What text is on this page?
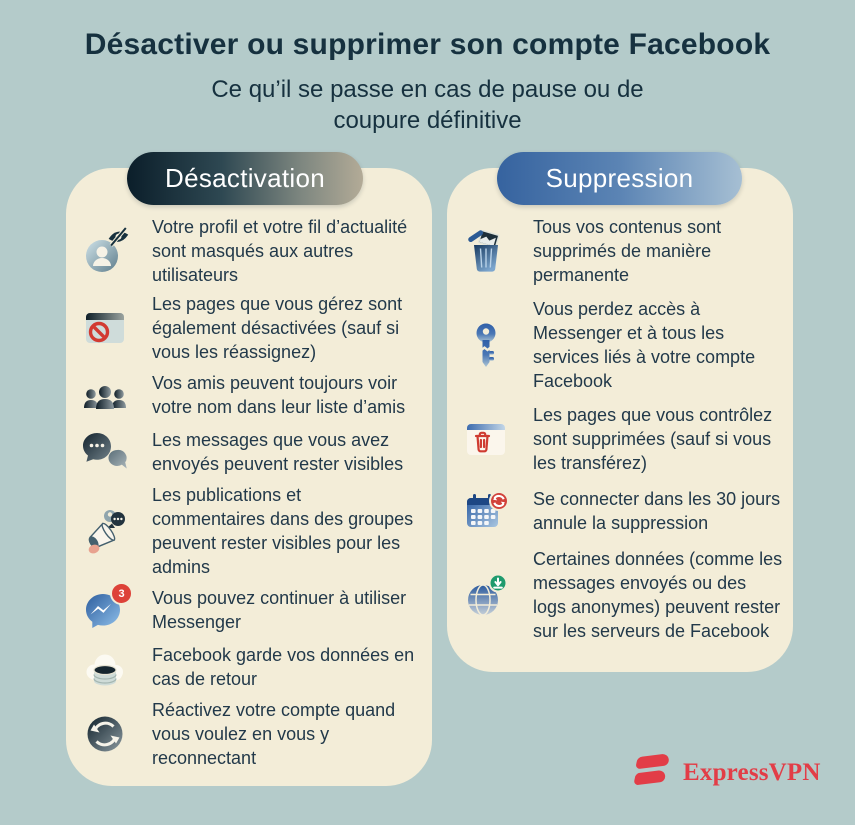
Désactiver ou supprimer son compte Facebook
Ce qu’il se passe en cas de pause ou de coupure définitive
Désactivation	Suppression

Votre profil et votre fil d’actualité sont masqués aux autres utilisateurs

Les pages que vous gérez sont également désactivées (sauf si vous les réassignez)

Vos amis peuvent toujours voir votre nom dans leur liste d’amis

Les messages que vous avez envoyés peuvent rester visibles

Les publications et commentaires dans des groupes peuvent rester visibles pour les admins

3	Vous pouvez continuer à utiliser Messenger

Facebook garde vos données en cas de retour

Réactivez votre compte quand vous voulez en vous y reconnectant

Tous vos contenus sont supprimés de manière permanente

Vous perdez accès à Messenger et à tous les services liés à votre compte Facebook

Les pages que vous contrôlez sont supprimées (sauf si vous les transférez)

Se connecter dans les 30 jours annule la suppression

Certaines données (comme les messages envoyés ou des logs anonymes) peuvent rester sur les serveurs de Facebook

ExpressVPN
